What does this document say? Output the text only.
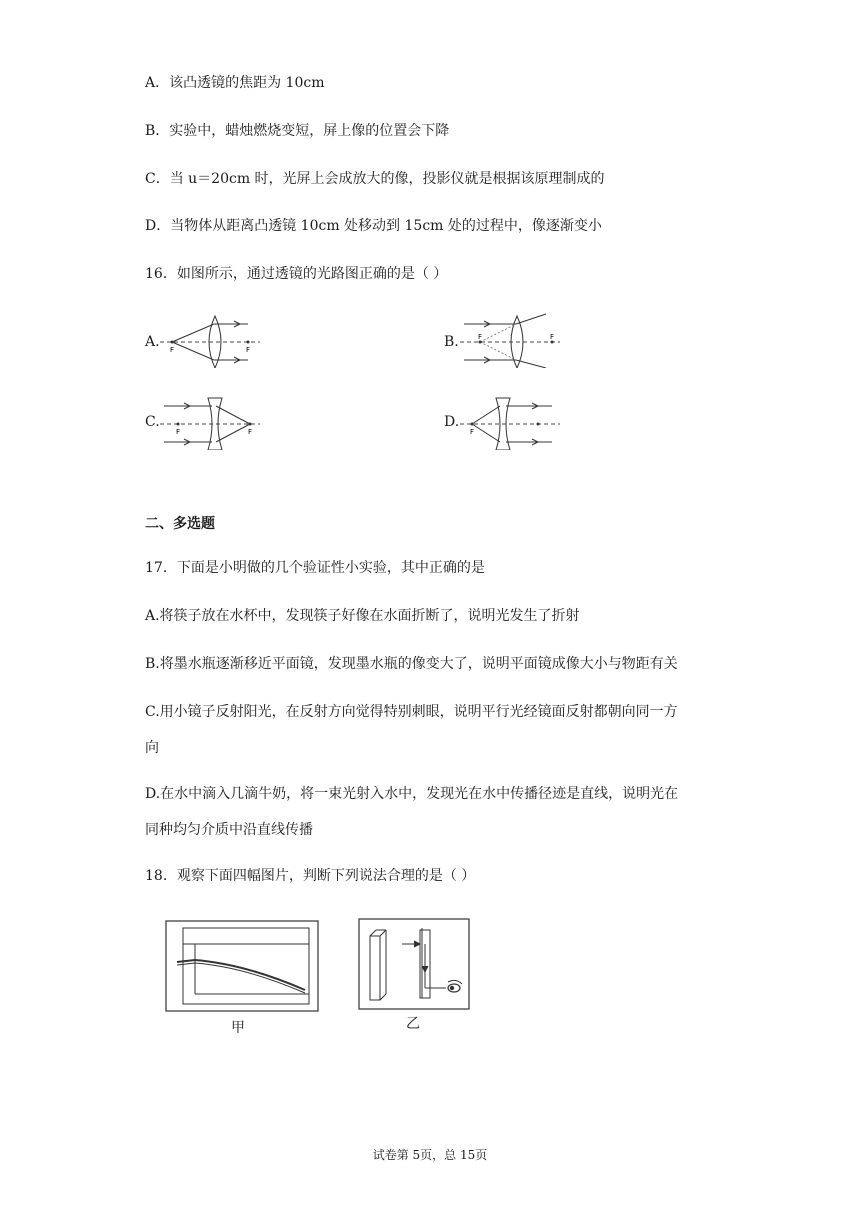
A．该凸透镜的焦距为 10cm
B．实验中，蜡烛燃烧变短，屏上像的位置会下降
C．当 u＝20cm 时，光屏上会成放大的像，投影仪就是根据该原理制成的
D．当物体从距离凸透镜 10cm 处移动到 15cm 处的过程中，像逐渐变小
16．如图所示，通过透镜的光路图正确的是（ ）
A. F	F	B.	F	F
C.
F	F
D.
F
二、多选题
17．下面是小明做的几个验证性小实验，其中正确的是
A.将筷子放在水杯中，发现筷子好像在水面折断了，说明光发生了折射
B.将墨水瓶逐渐移近平面镜，发现墨水瓶的像变大了，说明平面镜成像大小与物距有关
C.用小镜子反射阳光，在反射方向觉得特别刺眼，说明平行光经镜面反射都朝向同一方
向
D.在水中滴入几滴牛奶，将一束光射入水中，发现光在水中传播径迹是直线，说明光在
同种均匀介质中沿直线传播
18．观察下面四幅图片，判断下列说法合理的是（ ）
甲	乙
试卷第 5页，总 15页
